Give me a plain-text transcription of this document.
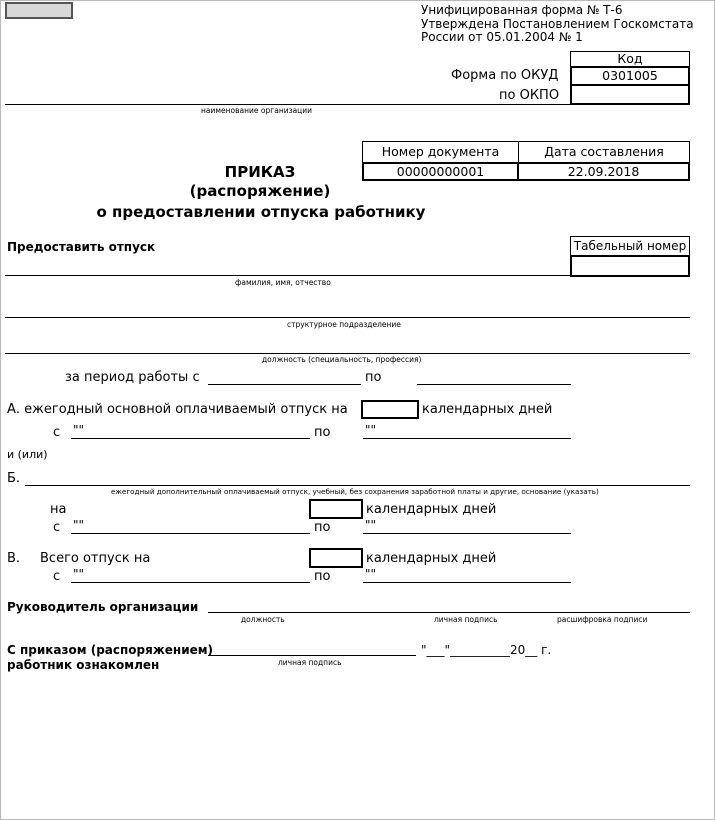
Унифицированная форма № Т-6
Утверждена Постановлением Госкомстата
России от 05.01.2004 № 1
Код
Форма по ОКУД	0301005
по ОКПО
наименование организации
Номер документа	Дата составления
00000000001	22.09.2018
ПРИКАЗ
(распоряжение)
о предоставлении отпуска работнику
Предоставить отпуск	Табельный номер
фамилия, имя, отчество
структурное подразделение
должность (специальность, профессия)
за период работы с	по
А. ежегодный основной оплачиваемый отпуск на	календарных дней
с ""	по	""
и (или)
Б.
ежегодный дополнительный оплачиваемый отпуск, учебный, без сохранения заработной платы и другие, основание (указать)
на	календарных дней
с ""	по	""
В. Всего отпуск на	календарных дней
с ""	по	""
Руководитель организации
должность	личная подпись	расшифровка подписи
С приказом (распоряжением)
работник ознакомлен	личная подпись
"___"__________20__ г.
